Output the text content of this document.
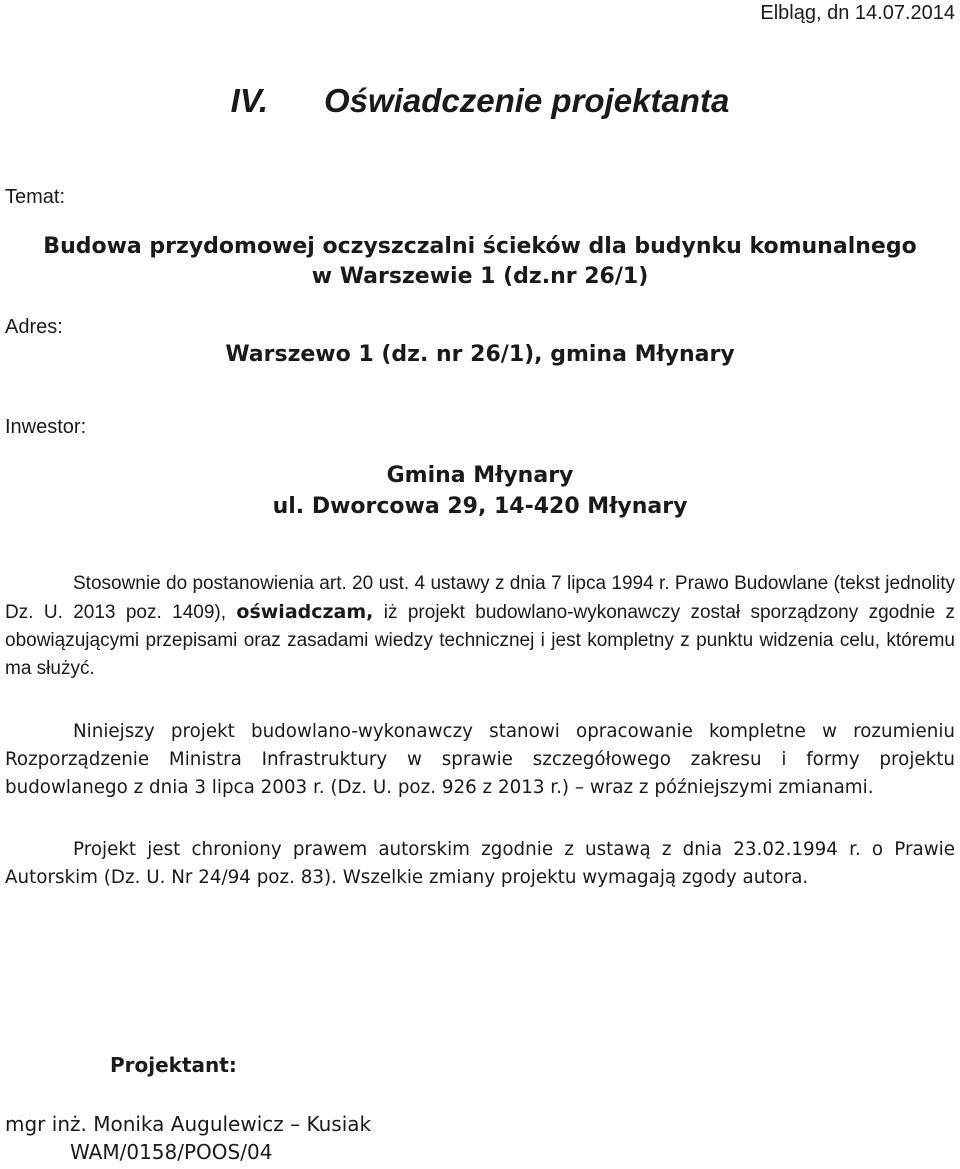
Elbląg, dn 14.07.2014
IV. Oświadczenie projektanta
Temat:
Budowa przydomowej oczyszczalni ścieków dla budynku komunalnego
w Warszewie 1 (dz.nr 26/1)
Adres:
Warszewo 1 (dz. nr 26/1), gmina Młynary
Inwestor:
Gmina Młynary
ul. Dworcowa 29, 14-420 Młynary
Stosownie do postanowienia art. 20 ust. 4 ustawy z dnia 7 lipca 1994 r. Prawo Budowlane (tekst jednolity Dz. U. 2013 poz. 1409), oświadczam, iż projekt budowlano-wykonawczy został sporządzony zgodnie z obowiązującymi przepisami oraz zasadami wiedzy technicznej i jest kompletny z punktu widzenia celu, któremu ma służyć.
Niniejszy projekt budowlano-wykonawczy stanowi opracowanie kompletne w rozumieniu Rozporządzenie Ministra Infrastruktury w sprawie szczegółowego zakresu i formy projektu budowlanego z dnia 3 lipca 2003 r. (Dz. U. poz. 926 z 2013 r.) – wraz z późniejszymi zmianami.
Projekt jest chroniony prawem autorskim zgodnie z ustawą z dnia 23.02.1994 r. o Prawie Autorskim (Dz. U. Nr 24/94 poz. 83). Wszelkie zmiany projektu wymagają zgody autora.
Projektant:
mgr inż. Monika Augulewicz – Kusiak
WAM/0158/POOS/04
